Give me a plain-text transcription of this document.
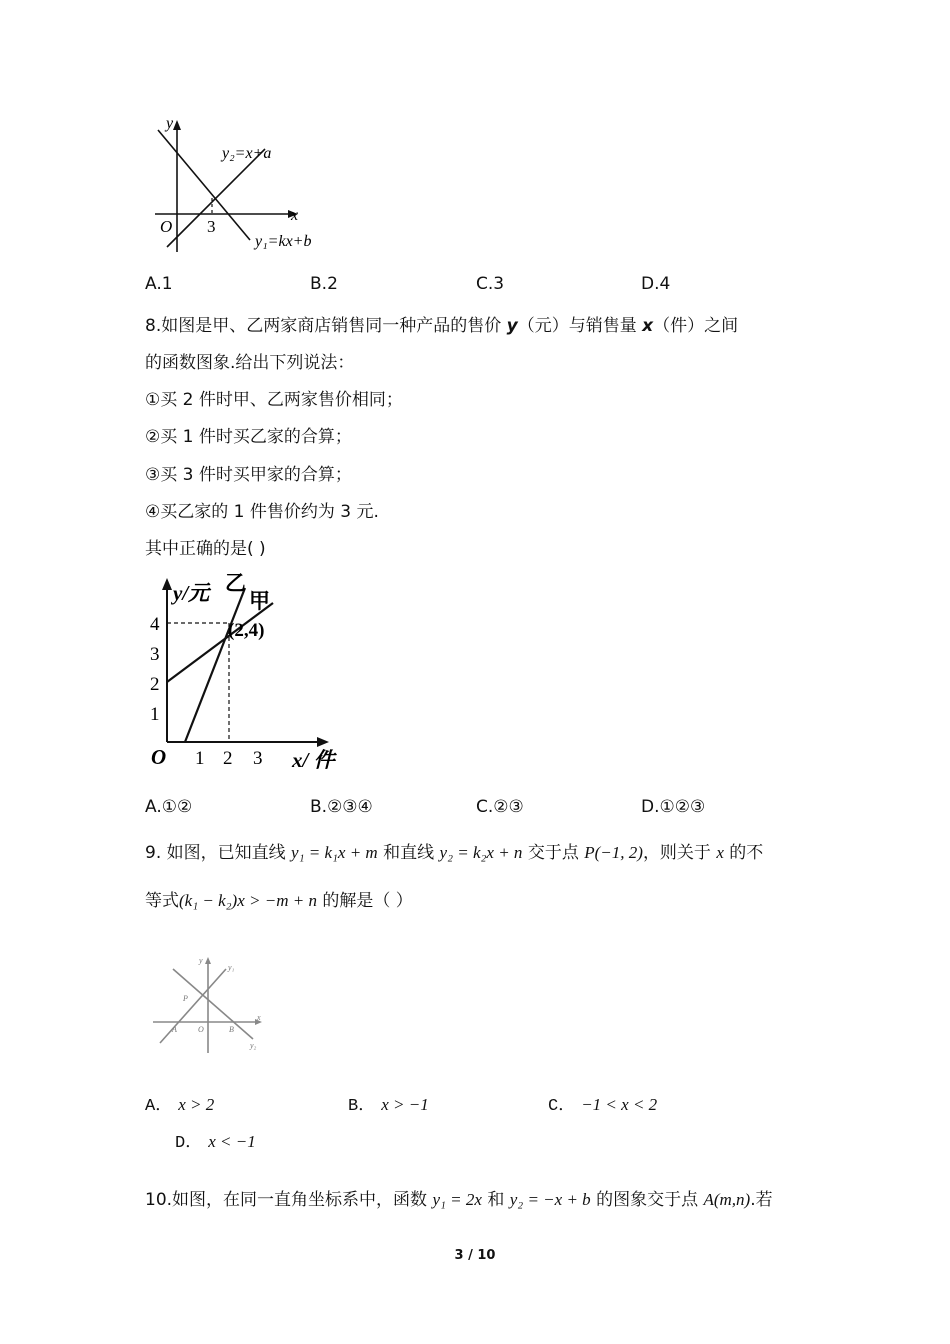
y
x
O 3
y₂=x+a
y₁=kx+b
A.1	B.2	C.3	D.4
8.如图是甲、乙两家商店销售同一种产品的售价 y（元）与销售量 x（件）之间
的函数图象.给出下列说法：
①买 2 件时甲、乙两家售价相同；
②买 1 件时买乙家的合算；
③买 3 件时买甲家的合算；
④买乙家的 1 件售价约为 3 元.
其中正确的是( )
y/元 乙
甲
(2,4)
4
3
2
1
O 1 2 3 x/ 件
A.①②	B.②③④	C.②③	D.①②③
9. 如图，已知直线 y₁ = k₁x + m 和直线 y₂ = k₂x + n 交于点 P(−1, 2)，则关于 x 的不
等式(k₁ − k₂)x > −m + n 的解是（ ）
y
y₁
y₂
x
P
A	O	B
A． x > 2	B． x > −1	C． −1 < x < 2
D． x < −1
10.如图，在同一直角坐标系中，函数 y₁ = 2x 和 y₂ = −x + b 的图象交于点 A(m,n).若
3 / 10
